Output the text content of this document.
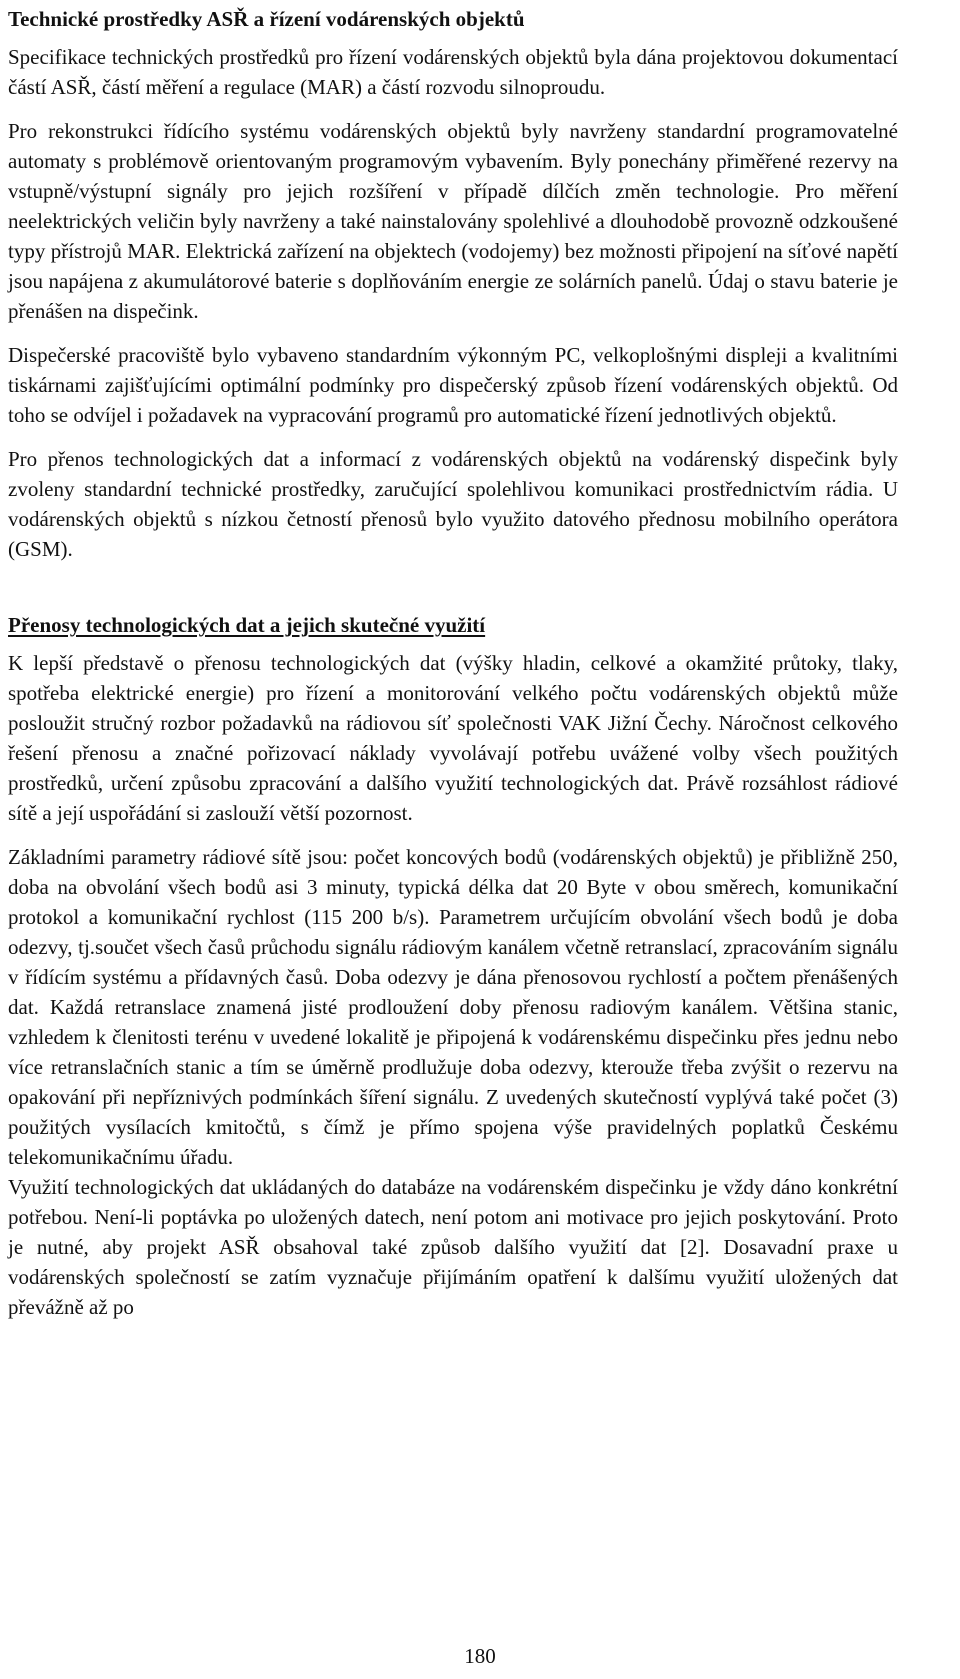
Technické prostředky ASŘ a řízení vodárenských objektů

Specifikace technických prostředků pro řízení vodárenských objektů byla dána projektovou dokumentací částí ASŘ, částí měření a regulace (MAR) a částí rozvodu silnoproudu.

Pro rekonstrukci řídícího systému vodárenských objektů byly navrženy standardní programovatelné automaty s problémově orientovaným programovým vybavením. Byly ponechány přiměřené rezervy na vstupně/výstupní signály pro jejich rozšíření v případě dílčích změn technologie. Pro měření neelektrických veličin byly navrženy a také nainstalovány spolehlivé a dlouhodobě provozně odzkoušené typy přístrojů MAR. Elektrická zařízení na objektech (vodojemy) bez možnosti připojení na síťové napětí jsou napájena z akumulátorové baterie s doplňováním energie ze solárních panelů. Údaj o stavu baterie je přenášen na dispečink.

Dispečerské pracoviště bylo vybaveno standardním výkonným PC, velkoplošnými displeji a kvalitními tiskárnami zajišťujícími optimální podmínky pro dispečerský způsob řízení vodárenských objektů. Od toho se odvíjel i požadavek na vypracování programů pro automatické řízení jednotlivých objektů.

Pro přenos technologických dat a informací z vodárenských objektů na vodárenský dispečink byly zvoleny standardní technické prostředky, zaručující spolehlivou komunikaci prostřednictvím rádia. U vodárenských objektů s nízkou četností přenosů bylo využito datového přednosu mobilního operátora (GSM).

Přenosy technologických dat a jejich skutečné využití

K lepší představě o přenosu technologických dat (výšky hladin, celkové a okamžité průtoky, tlaky, spotřeba elektrické energie) pro řízení a monitorování velkého počtu vodárenských objektů může posloužit stručný rozbor požadavků na rádiovou síť společnosti VAK Jižní Čechy. Náročnost celkového řešení přenosu a značné pořizovací náklady vyvolávají potřebu uvážené volby všech použitých prostředků, určení způsobu zpracování a dalšího využití technologických dat. Právě rozsáhlost rádiové sítě a její uspořádání si zaslouží větší pozornost.

Základními parametry rádiové sítě jsou: počet koncových bodů (vodárenských objektů) je přibližně 250, doba na obvolání všech bodů asi 3 minuty, typická délka dat 20 Byte v obou směrech, komunikační protokol a komunikační rychlost (115 200 b/s). Parametrem určujícím obvolání všech bodů je doba odezvy, tj.součet všech časů průchodu signálu rádiovým kanálem včetně retranslací, zpracováním signálu v řídícím systému a přídavných časů. Doba odezvy je dána přenosovou rychlostí a počtem přenášených dat. Každá retranslace znamená jisté prodloužení doby přenosu radiovým kanálem. Většina stanic, vzhledem k členitosti terénu v uvedené lokalitě je připojená k vodárenskému dispečinku přes jednu nebo více retranslačních stanic a tím se úměrně prodlužuje doba odezvy, kterouže třeba zvýšit o rezervu na opakování při nepříznivých podmínkách šíření signálu. Z uvedených skutečností vyplývá také počet (3) použitých vysílacích kmitočtů, s čímž je přímo spojena výše pravidelných poplatků Českému telekomunikačnímu úřadu.

Využití technologických dat ukládaných do databáze na vodárenském dispečinku je vždy dáno konkrétní potřebou. Není-li poptávka po uložených datech, není potom ani motivace pro jejich poskytování. Proto je nutné, aby projekt ASŘ obsahoval také způsob dalšího využití dat [2]. Dosavadní praxe u vodárenských společností se zatím vyznačuje přijímáním opatření k dalšímu využití uložených dat převážně až po

180
